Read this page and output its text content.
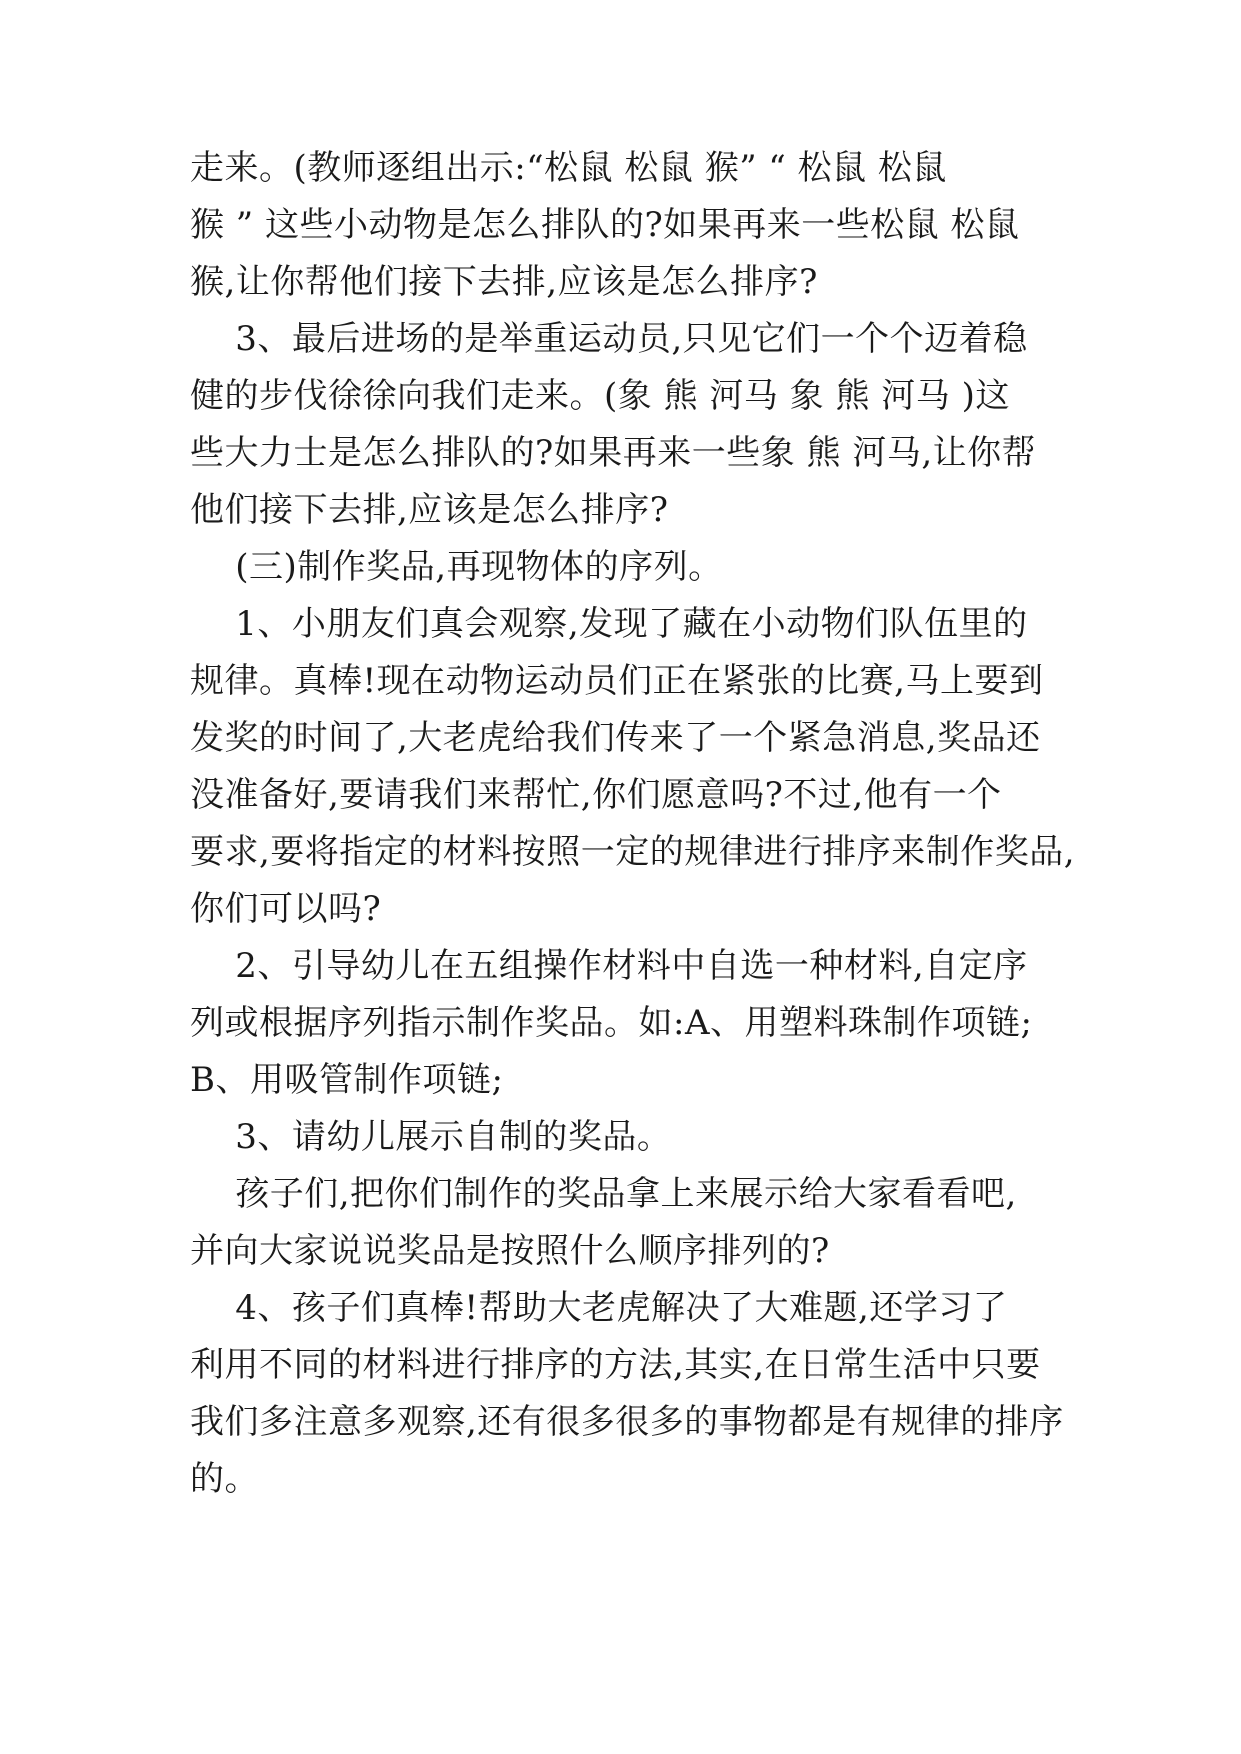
走来。(教师逐组出示:“松鼠 松鼠 猴” “ 松鼠 松鼠
猴 ” 这些小动物是怎么排队的?如果再来一些松鼠 松鼠
猴,让你帮他们接下去排,应该是怎么排序?
3、最后进场的是举重运动员,只见它们一个个迈着稳
健的步伐徐徐向我们走来。(象 熊 河马 象 熊 河马 )这
些大力士是怎么排队的?如果再来一些象 熊 河马,让你帮
他们接下去排,应该是怎么排序?
(三)制作奖品,再现物体的序列。
1、小朋友们真会观察,发现了藏在小动物们队伍里的
规律。真棒!现在动物运动员们正在紧张的比赛,马上要到
发奖的时间了,大老虎给我们传来了一个紧急消息,奖品还
没准备好,要请我们来帮忙,你们愿意吗?不过,他有一个
要求,要将指定的材料按照一定的规律进行排序来制作奖品,
你们可以吗?
2、引导幼儿在五组操作材料中自选一种材料,自定序
列或根据序列指示制作奖品。如:A、用塑料珠制作项链;
B、用吸管制作项链;
3、请幼儿展示自制的奖品。
孩子们,把你们制作的奖品拿上来展示给大家看看吧,
并向大家说说奖品是按照什么顺序排列的?
4、孩子们真棒!帮助大老虎解决了大难题,还学习了
利用不同的材料进行排序的方法,其实,在日常生活中只要
我们多注意多观察,还有很多很多的事物都是有规律的排序
的。
